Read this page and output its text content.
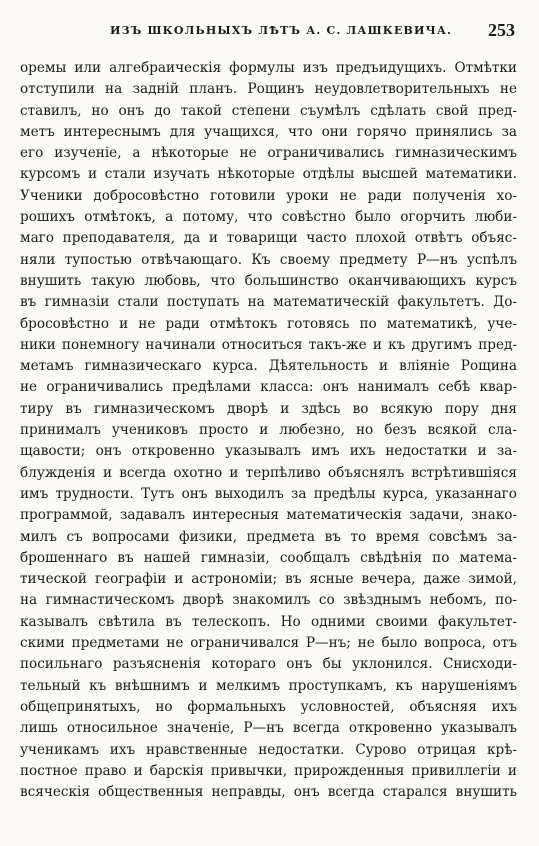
ИЗЪ ШКОЛЬНЫХЪ ЛѢТЪ А. С. ЛАШКЕВИЧА. 253
оремы или алгебраическія формулы изъ предъидущихъ. Отмѣтки
отступили на задній планъ. Рощинъ неудовлетворительныхъ не
ставилъ, но онъ до такой степени съумѣлъ сдѣлать свой пред-
метъ интереснымъ для учащихся, что они горячо принялись за
его изученіе, а нѣкоторые не ограничивались гимназическимъ
курсомъ и стали изучать нѣкоторые отдѣлы высшей математики.
Ученики добросовѣстно готовили уроки не ради полученія хо-
рошихъ отмѣтокъ, а потому, что совѣстно было огорчить люби-
маго преподавателя, да и товарищи часто плохой отвѣтъ объяс-
няли тупостью отвѣчающаго. Къ своему предмету Р—нъ успѣлъ
внушить такую любовь, что большинство оканчивающихъ курсъ
въ гимназіи стали поступать на математическій факультетъ. До-
бросовѣстно и не ради отмѣтокъ готовясь по математикѣ, уче-
ники понемногу начинали относиться такъ-же и къ другимъ пред-
метамъ гимназическаго курса. Дѣятельность и вліяніе Рощина
не ограничивались предѣлами класса: онъ нанималъ себѣ квар-
тиру въ гимназическомъ дворѣ и здѣсь во всякую пору дня
принималъ учениковъ просто и любезно, но безъ всякой сла-
щавости; онъ откровенно указывалъ имъ ихъ недостатки и за-
блужденія и всегда охотно и терпѣливо объяснялъ встрѣтившіяся
имъ трудности. Тутъ онъ выходилъ за предѣлы курса, указаннаго
программой, задавалъ интересныя математическія задачи, знако-
милъ съ вопросами физики, предмета въ то время совсѣмъ за-
брошеннаго въ нашей гимназіи, сообщалъ свѣдѣнія по матема-
тической географіи и астрономіи; въ ясные вечера, даже зимой,
на гимнастическомъ дворѣ знакомилъ со звѣзднымъ небомъ, по-
казывалъ свѣтила въ телескопъ. Но одними своими факультет-
скими предметами не ограничивался Р—нъ; не было вопроса, отъ
посильнаго разъясненія котораго онъ бы уклонился. Снисходи-
тельный къ внѣшнимъ и мелкимъ проступкамъ, къ нарушеніямъ
общепринятыхъ, но формальныхъ условностей, объясняя ихъ
лишь относильное значеніе, Р—нъ всегда откровенно указывалъ
ученикамъ ихъ нравственные недостатки. Сурово отрицая крѣ-
постное право и барскія привычки, прирожденныя привиллегіи и
всяческія общественныя неправды, онъ всегда старался внушить
